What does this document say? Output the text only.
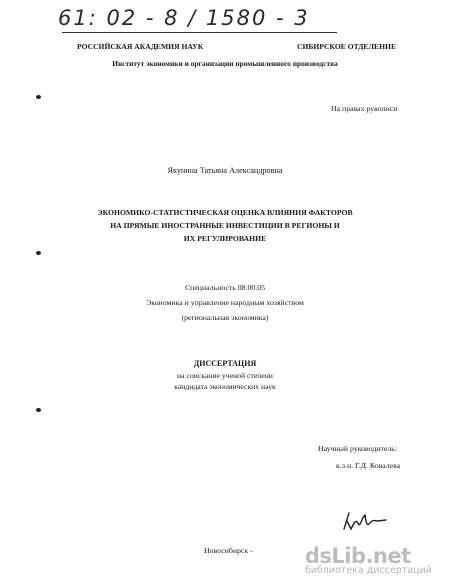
61: 02 - 8 / 1580 - 3
РОССИЙСКАЯ АКАДЕМИЯ НАУК	СИБИРСКОЕ ОТДЕЛЕНИЕ
Институт экономики и организации промышленного производства
На правах рукописи
Якунина Татьяна Александровна
ЭКОНОМИКО-СТАТИСТИЧЕСКАЯ ОЦЕНКА ВЛИЯНИЯ ФАКТОРОВ
НА ПРЯМЫЕ ИНОСТРАННЫЕ ИНВЕСТИЦИИ В РЕГИОНЫ И
ИХ РЕГУЛИРОВАНИЕ
Специальность 08.00.05
Экономика и управление народным хозяйством
(региональная экономика)
ДИССЕРТАЦИЯ
на соискание ученой степени
кандидата экономических наук
Научный руководитель:
к.э.н. Г.Д. Ковалева
Новосибирск - dsLib.net
библиотека диссертаций
